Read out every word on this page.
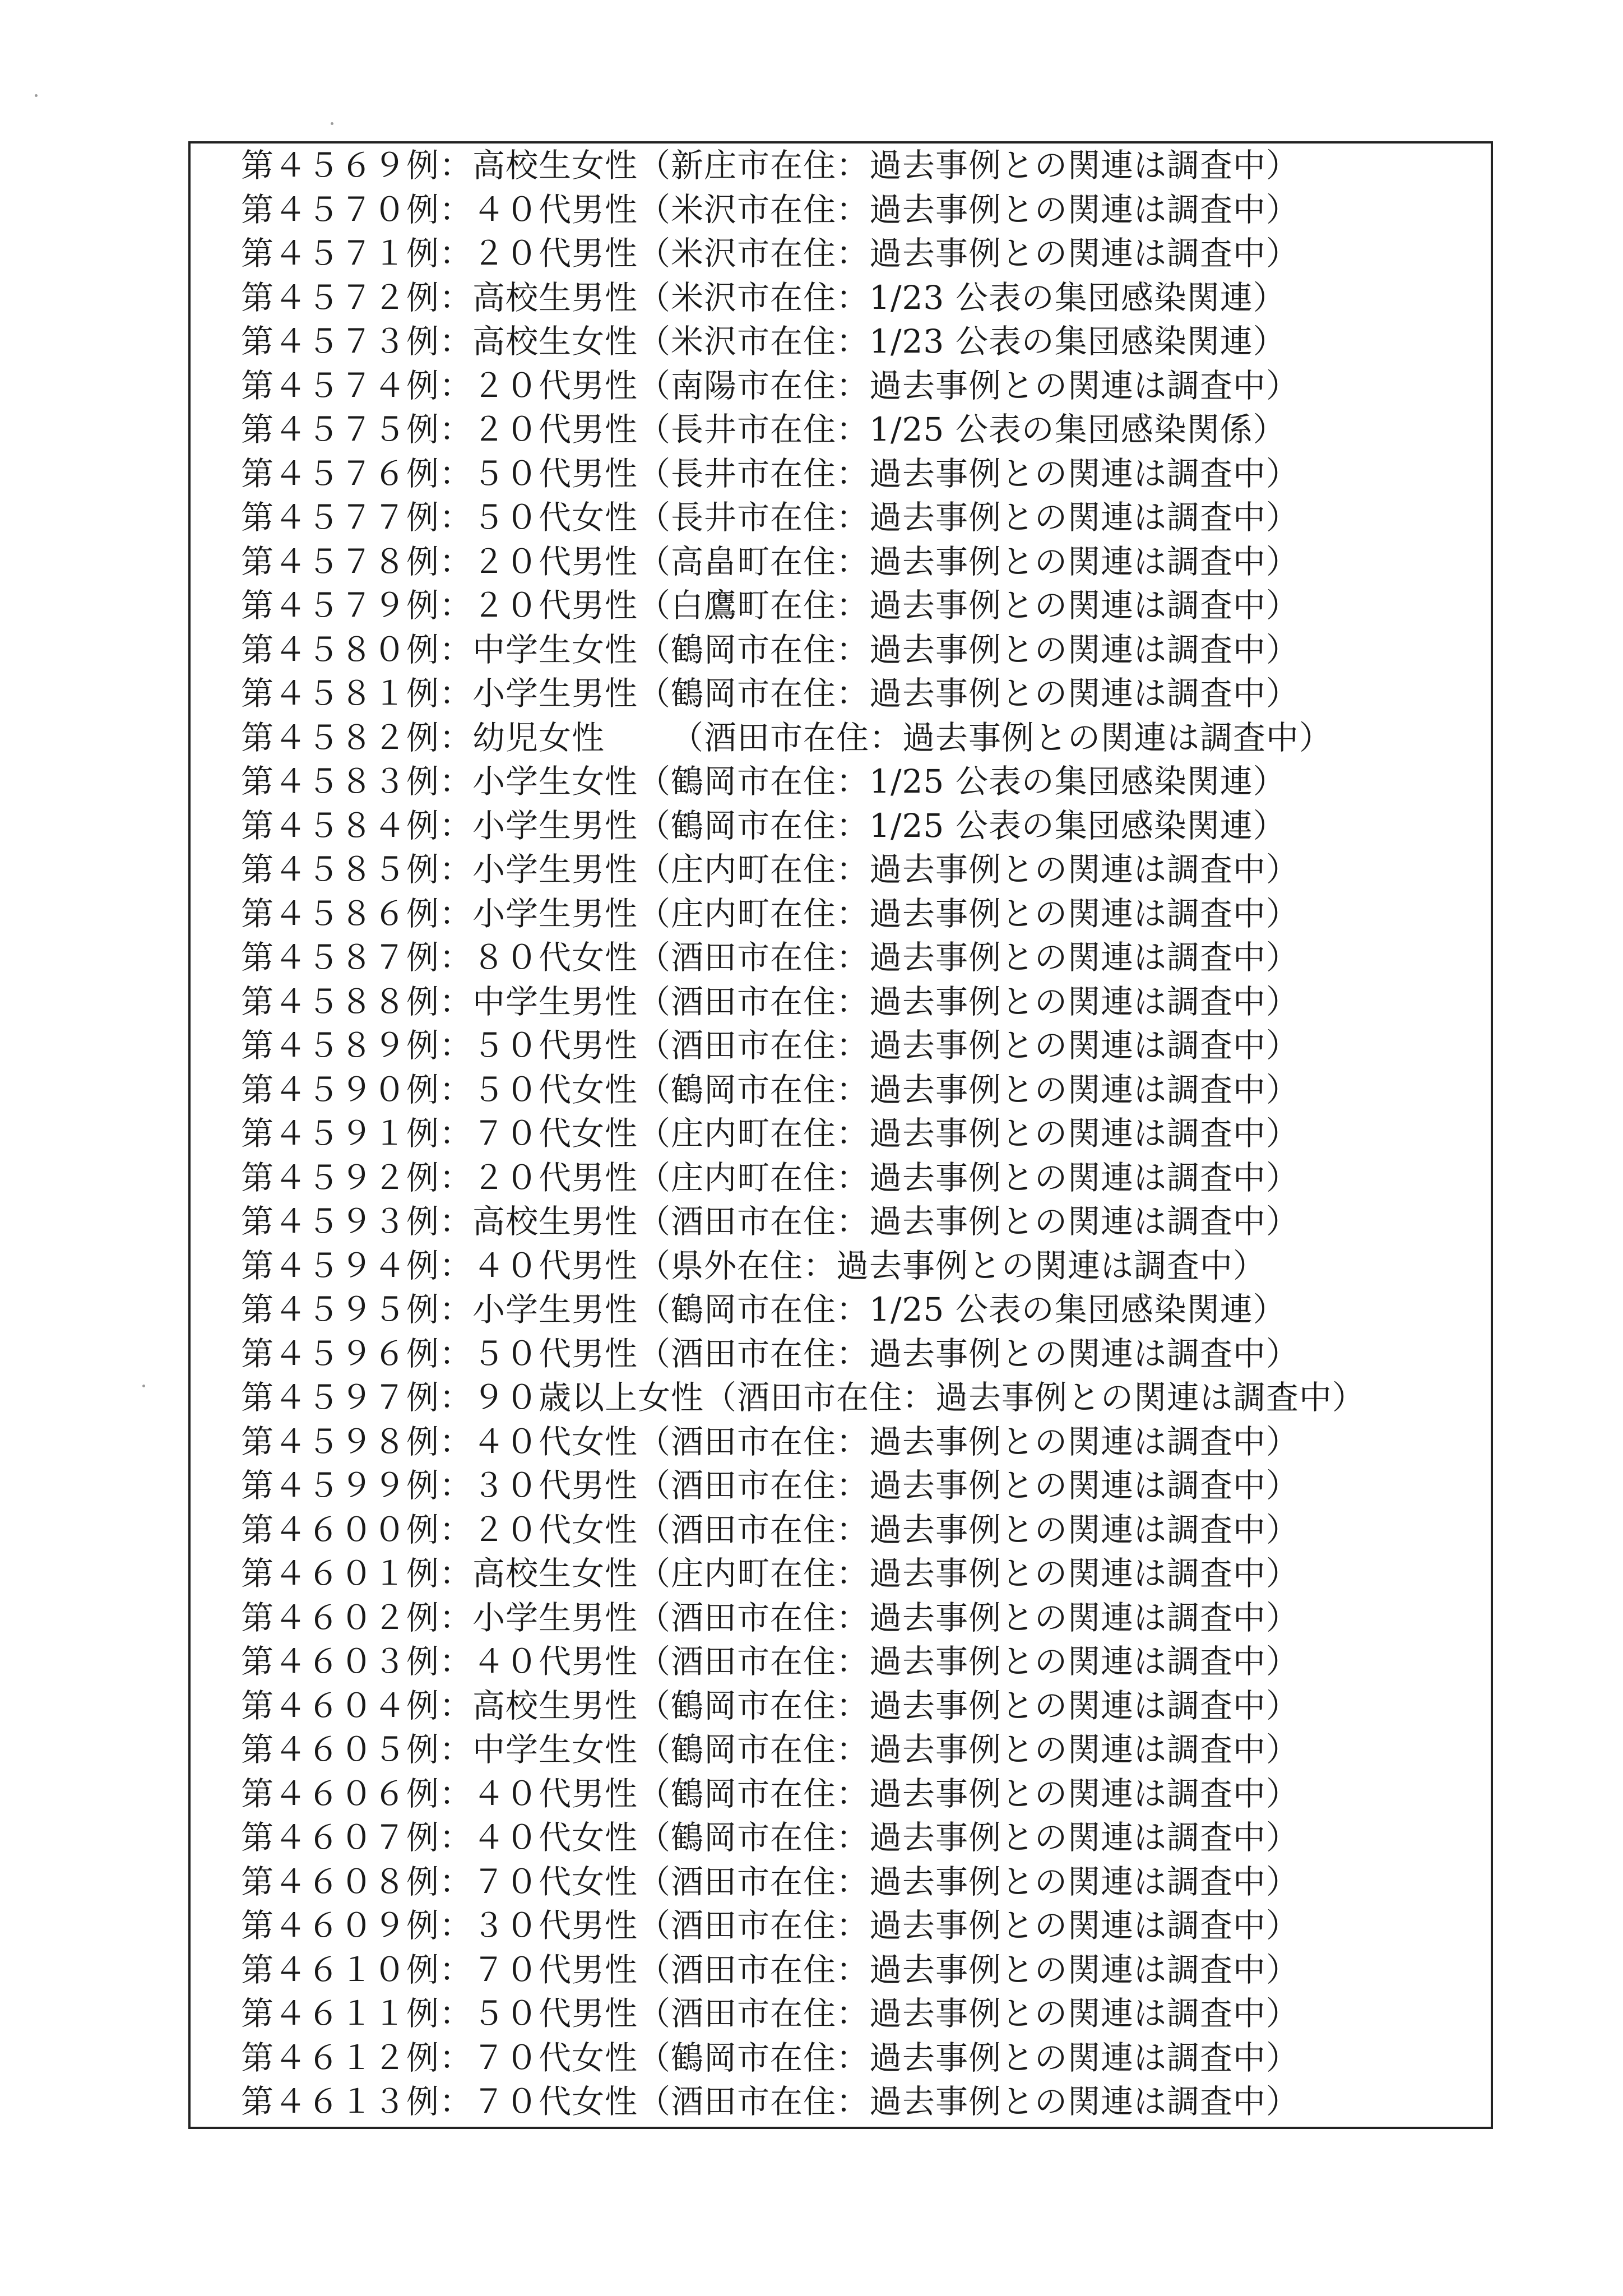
第４５６９例：高校生女性（新庄市在住：過去事例との関連は調査中）
第４５７０例：４０代男性（米沢市在住：過去事例との関連は調査中）
第４５７１例：２０代男性（米沢市在住：過去事例との関連は調査中）
第４５７２例：高校生男性（米沢市在住：1/23 公表の集団感染関連）
第４５７３例：高校生女性（米沢市在住：1/23 公表の集団感染関連）
第４５７４例：２０代男性（南陽市在住：過去事例との関連は調査中）
第４５７５例：２０代男性（長井市在住：1/25 公表の集団感染関係）
第４５７６例：５０代男性（長井市在住：過去事例との関連は調査中）
第４５７７例：５０代女性（長井市在住：過去事例との関連は調査中）
第４５７８例：２０代男性（高畠町在住：過去事例との関連は調査中）
第４５７９例：２０代男性（白鷹町在住：過去事例との関連は調査中）
第４５８０例：中学生女性（鶴岡市在住：過去事例との関連は調査中）
第４５８１例：小学生男性（鶴岡市在住：過去事例との関連は調査中）
第４５８２例：幼児女性　　（酒田市在住：過去事例との関連は調査中）
第４５８３例：小学生女性（鶴岡市在住：1/25 公表の集団感染関連）
第４５８４例：小学生男性（鶴岡市在住：1/25 公表の集団感染関連）
第４５８５例：小学生男性（庄内町在住：過去事例との関連は調査中）
第４５８６例：小学生男性（庄内町在住：過去事例との関連は調査中）
第４５８７例：８０代女性（酒田市在住：過去事例との関連は調査中）
第４５８８例：中学生男性（酒田市在住：過去事例との関連は調査中）
第４５８９例：５０代男性（酒田市在住：過去事例との関連は調査中）
第４５９０例：５０代女性（鶴岡市在住：過去事例との関連は調査中）
第４５９１例：７０代女性（庄内町在住：過去事例との関連は調査中）
第４５９２例：２０代男性（庄内町在住：過去事例との関連は調査中）
第４５９３例：高校生男性（酒田市在住：過去事例との関連は調査中）
第４５９４例：４０代男性（県外在住：過去事例との関連は調査中）
第４５９５例：小学生男性（鶴岡市在住：1/25 公表の集団感染関連）
第４５９６例：５０代男性（酒田市在住：過去事例との関連は調査中）
第４５９７例：９０歳以上女性（酒田市在住：過去事例との関連は調査中）
第４５９８例：４０代女性（酒田市在住：過去事例との関連は調査中）
第４５９９例：３０代男性（酒田市在住：過去事例との関連は調査中）
第４６００例：２０代女性（酒田市在住：過去事例との関連は調査中）
第４６０１例：高校生女性（庄内町在住：過去事例との関連は調査中）
第４６０２例：小学生男性（酒田市在住：過去事例との関連は調査中）
第４６０３例：４０代男性（酒田市在住：過去事例との関連は調査中）
第４６０４例：高校生男性（鶴岡市在住：過去事例との関連は調査中）
第４６０５例：中学生女性（鶴岡市在住：過去事例との関連は調査中）
第４６０６例：４０代男性（鶴岡市在住：過去事例との関連は調査中）
第４６０７例：４０代女性（鶴岡市在住：過去事例との関連は調査中）
第４６０８例：７０代女性（酒田市在住：過去事例との関連は調査中）
第４６０９例：３０代男性（酒田市在住：過去事例との関連は調査中）
第４６１０例：７０代男性（酒田市在住：過去事例との関連は調査中）
第４６１１例：５０代男性（酒田市在住：過去事例との関連は調査中）
第４６１２例：７０代女性（鶴岡市在住：過去事例との関連は調査中）
第４６１３例：７０代女性（酒田市在住：過去事例との関連は調査中）
